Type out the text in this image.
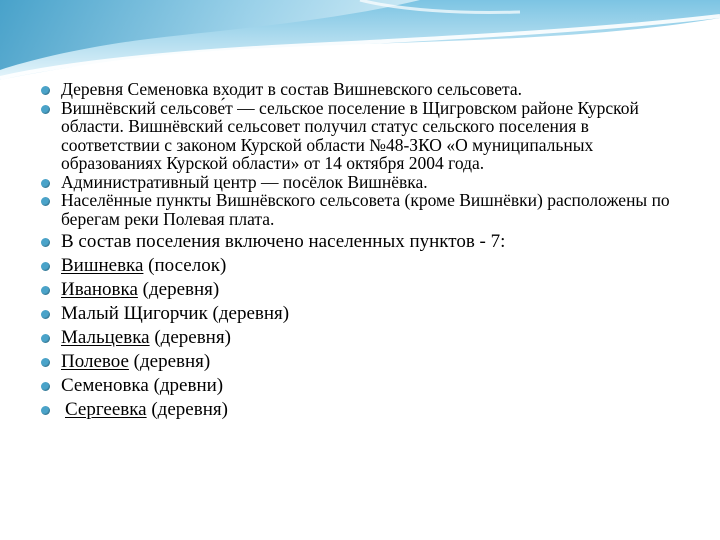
Деревня Семеновка входит в состав Вишневского сельсовета.
Вишнёвский сельсове́т — сельское поселение в Щигровском районе Курской области. Вишнёвский сельсовет получил статус сельского поселения в соответствии с законом Курской области №48-ЗКО «О муниципальных образованиях Курской области» от 14 октября 2004 года.
Административный центр — посёлок Вишнёвка.
Населённые пункты Вишнёвского сельсовета (кроме Вишнёвки) расположены по берегам реки Полевая плата.
В состав поселения включено населенных пунктов - 7:
Вишневка (поселок)
Ивановка (деревня)
Малый Щигорчик (деревня)
Мальцевка (деревня)
Полевое (деревня)
Семеновка (древни)
Сергеевка (деревня)
